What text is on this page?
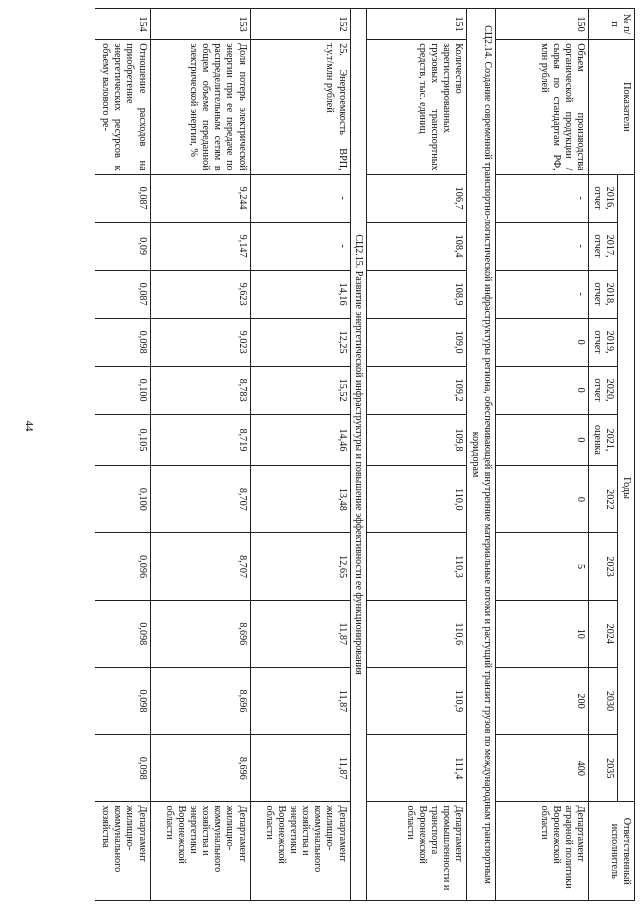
44
№ п/п	Показатели	Годы											Ответственный исполнитель
		2016, отчет	2017, отчет	2018, отчет	2019, отчет	2020, отчет	2021, оценка	2022	2023	2024	2030	2035	
150	Объем производства органической продукции / сырья по стандартам РФ, млн рублей	-	-	-	0	0	0	0	5	10	200	400	Департамент аграрной политики Воронежской области
СЦ2.14. Создание современной транспортно-логистической инфраструктуры региона, обеспечивающей внутренние материальные потоки и растущий транзит грузов по международным транспортным коридорам													
151	Количество зарегистрированных грузовых транспортных средств, тыс. единиц	106,7	108,4	108,9	109,0	109,2	109,8	110,0	110,3	110,6	110,9	111,4	Департамент промышленности и транспорта Воронежской области
СЦ2.15. Развитие энергетической инфраструктуры и повышение эффективности ее функционирования													
152	25. Энергоемкость ВРП, т.у.т/млн рублей	-	-	14,16	12,25	15,52	14,46	13,48	12,65	11,87	11,87	11,87	Департамент жилищно-коммунального хозяйства и энергетики Воронежской области
153	Доля потерь электрической энергии при ее передаче по распределительным сетям в общем объеме переданной электрической энергии, %	9,244	9,147	9,623	9,023	8,783	8,719	8,707	8,707	8,696	8,696	8,696	Департамент жилищно-коммунального хозяйства и энергетики Воронежской области
154	Отношение расходов на приобретение энергетических ресурсов к объему валового ре-	0,087	0,09	0,087	0,098	0,100	0,105	0,100	0,096	0,098	0,098	0,098	Департамент жилищно-коммунального хозяйства
